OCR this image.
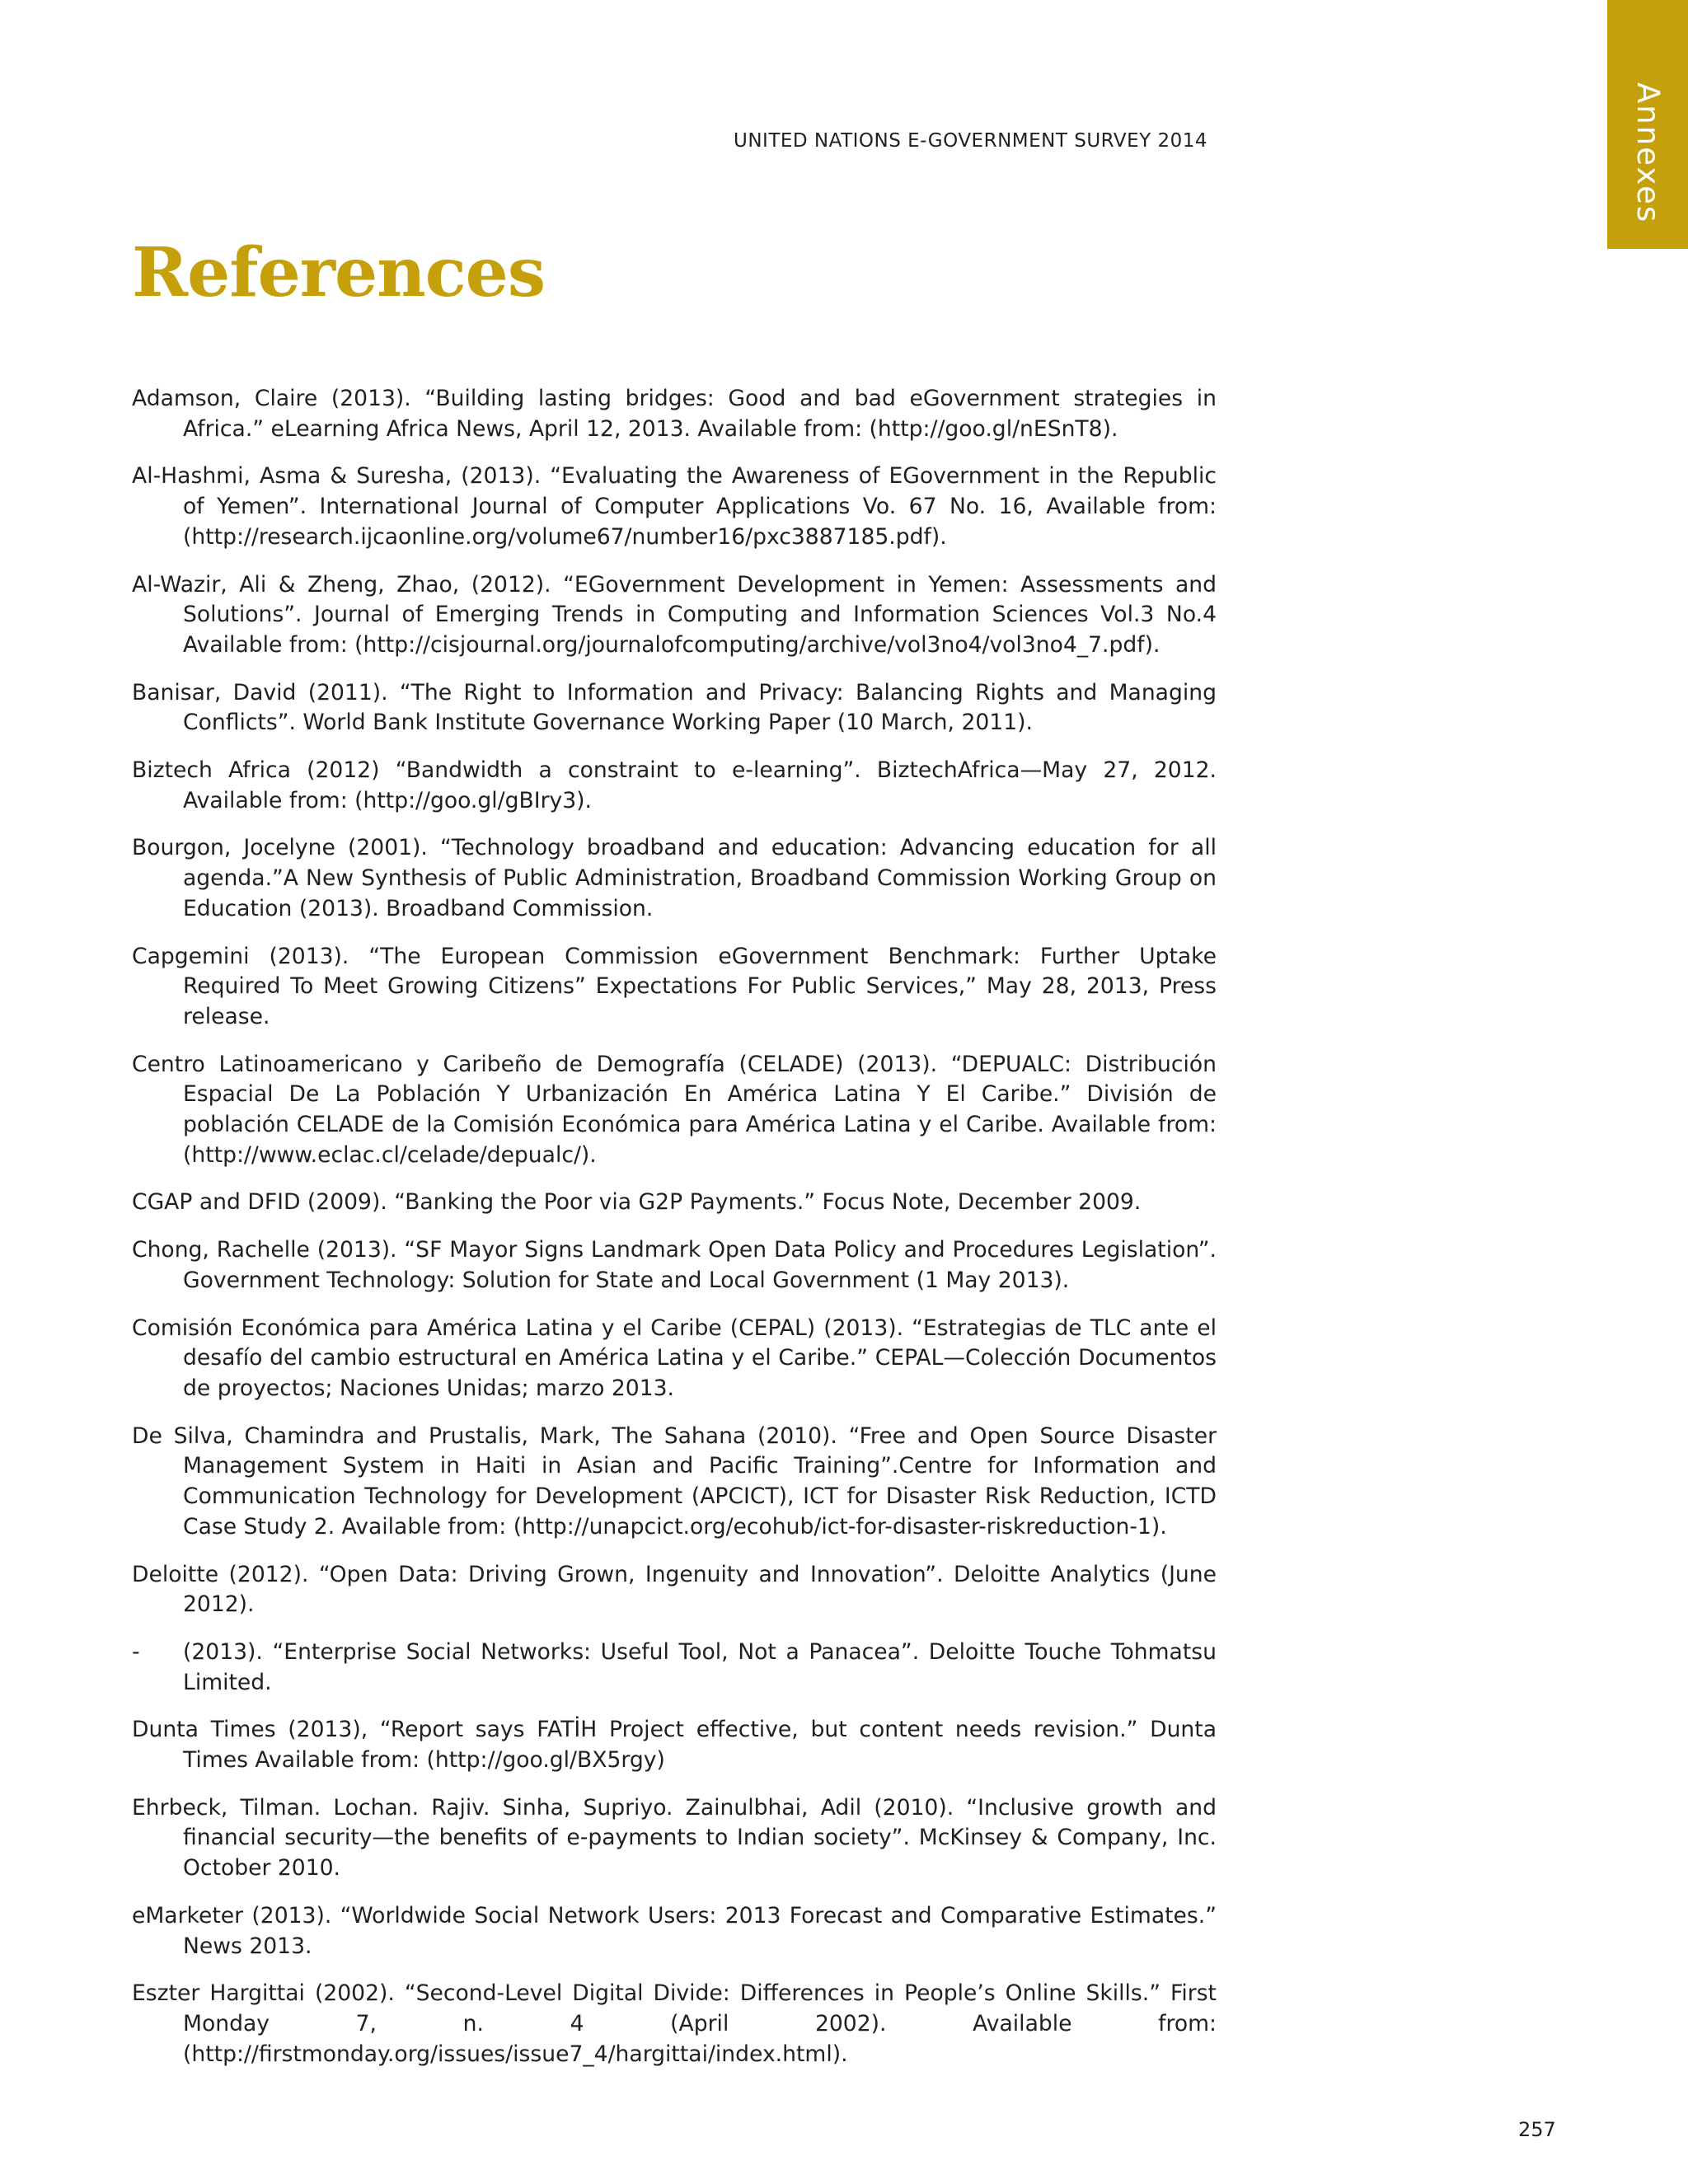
Annexes
UNITED NATIONS E-GOVERNMENT SURVEY 2014
References
Adamson, Claire (2013). “Building lasting bridges: Good and bad eGovernment strategies in Africa.” eLearning Africa News, April 12, 2013. Available from: (http://goo.gl/nESnT8).
Al-Hashmi, Asma & Suresha, (2013). “Evaluating the Awareness of EGovernment in the Republic of Yemen”. International Journal of Computer Applications Vo. 67 No. 16, Available from: (http://research.ijcaonline.org/volume67/number16/pxc3887185.pdf).
Al-Wazir, Ali & Zheng, Zhao, (2012). “EGovernment Development in Yemen: Assessments and Solutions”. Journal of Emerging Trends in Computing and Information Sciences Vol.3 No.4 Available from: (http://cisjournal.org/journalofcomputing/archive/vol3no4/vol3no4_7.pdf).
Banisar, David (2011). “The Right to Information and Privacy: Balancing Rights and Managing Conflicts”. World Bank Institute Governance Working Paper (10 March, 2011).
Biztech Africa (2012) “Bandwidth a constraint to e-learning”. BiztechAfrica—May 27, 2012. Available from: (http://goo.gl/gBIry3).
Bourgon, Jocelyne (2001). “Technology broadband and education: Advancing education for all agenda.”A New Synthesis of Public Administration, Broadband Commission Working Group on Education (2013). Broadband Commission.
Capgemini (2013). “The European Commission eGovernment Benchmark: Further Uptake Required To Meet Growing Citizens” Expectations For Public Services,” May 28, 2013, Press release.
Centro Latinoamericano y Caribeño de Demografía (CELADE) (2013). “DEPUALC: Distribución Espacial De La Población Y Urbanización En América Latina Y El Caribe.” División de población CELADE de la Comisión Económica para América Latina y el Caribe. Available from: (http://www.eclac.cl/celade/depualc/).
CGAP and DFID (2009). “Banking the Poor via G2P Payments.” Focus Note, December 2009.
Chong, Rachelle (2013). “SF Mayor Signs Landmark Open Data Policy and Procedures Legislation”. Government Technology: Solution for State and Local Government (1 May 2013).
Comisión Económica para América Latina y el Caribe (CEPAL) (2013). “Estrategias de TLC ante el desafío del cambio estructural en América Latina y el Caribe.” CEPAL—Colección Documentos de proyectos; Naciones Unidas; marzo 2013.
De Silva, Chamindra and Prustalis, Mark, The Sahana (2010). “Free and Open Source Disaster Management System in Haiti in Asian and Pacific Training”.Centre for Information and Communication Technology for Development (APCICT), ICT for Disaster Risk Reduction, ICTD Case Study 2. Available from: (http://unapcict.org/ecohub/ict-for-disaster-riskreduction-1).
Deloitte (2012). “Open Data: Driving Grown, Ingenuity and Innovation”. Deloitte Analytics (June 2012).
- (2013). “Enterprise Social Networks: Useful Tool, Not a Panacea”. Deloitte Touche Tohmatsu Limited.
Dunta Times (2013), “Report says FATİH Project effective, but content needs revision.” Dunta Times Available from: (http://goo.gl/BX5rgy)
Ehrbeck, Tilman. Lochan. Rajiv. Sinha, Supriyo. Zainulbhai, Adil (2010). “Inclusive growth and financial security—the benefits of e-payments to Indian society”. McKinsey & Company, Inc. October 2010.
eMarketer (2013). “Worldwide Social Network Users: 2013 Forecast and Comparative Estimates.” News 2013.
Eszter Hargittai (2002). “Second-Level Digital Divide: Differences in People’s Online Skills.” First Monday 7, n. 4 (April 2002). Available from: (http://firstmonday.org/issues/issue7_4/hargittai/index.html).
257
